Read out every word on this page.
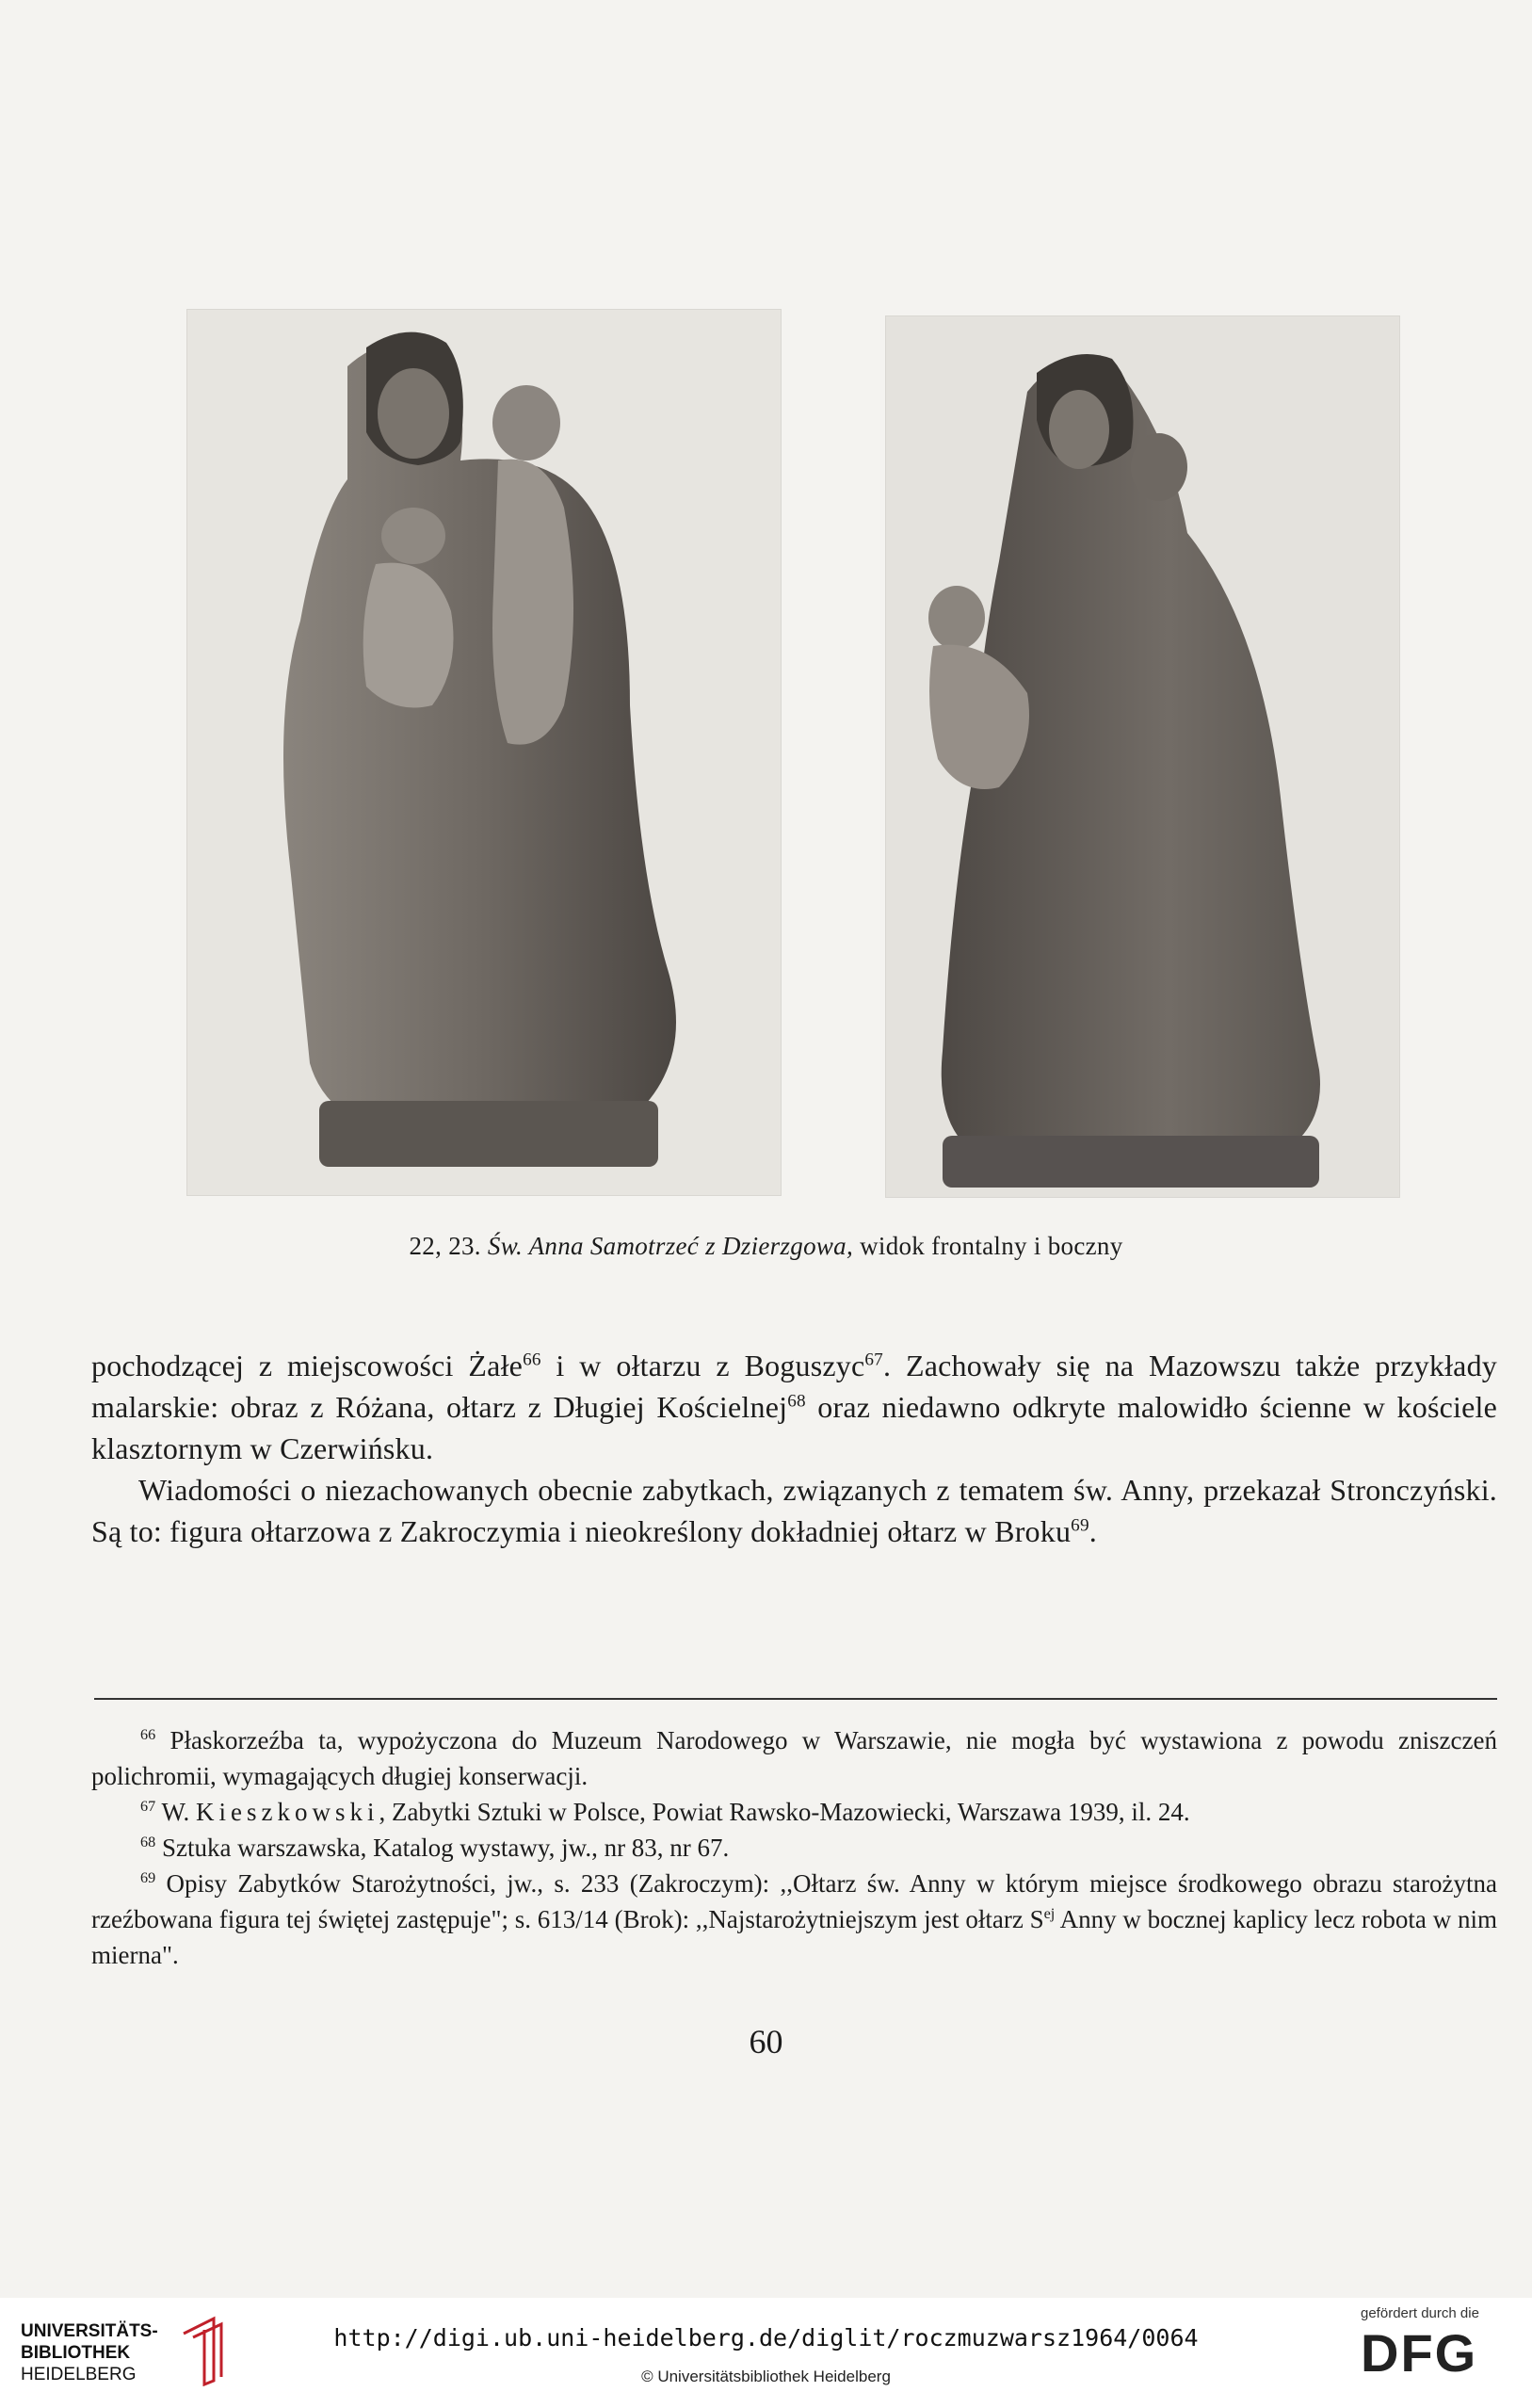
22, 23. Św. Anna Samotrzeć z Dzierzgowa, widok frontalny i boczny

pochodzącej z miejscowości Żałe$^{66}$ i w ołtarzu z Boguszyc$^{67}$. Zachowały się na Mazowszu także przykłady malarskie: obraz z Różana, ołtarz z Długiej Kościelnej$^{68}$ oraz niedawno odkryte malowidło ścienne w kościele klasztornym w Czerwińsku.

Wiadomości o niezachowanych obecnie zabytkach, związanych z tematem św. Anny, przekazał Stronczyński. Są to: figura ołtarzowa z Zakroczymia i nieokreślony dokładniej ołtarz w Broku$^{69}$.

$^{66}$ Płaskorzeźba ta, wypożyczona do Muzeum Narodowego w Warszawie, nie mogła być wystawiona z powodu zniszczeń polichromii, wymagających długiej konserwacji.

$^{67}$ W. Kieszkowski, Zabytki Sztuki w Polsce, Powiat Rawsko-Mazowiecki, Warszawa 1939, il. 24.

$^{68}$ Sztuka warszawska, Katalog wystawy, jw., nr 83, nr 67.

$^{69}$ Opisy Zabytków Starożytności, jw., s. 233 (Zakroczym): ,,Ołtarz św. Anny w którym miejsce środkowego obrazu starożytna rzeźbowana figura tej świętej zastępuje"; s. 613/14 (Brok): ,,Najstarożytniejszym jest ołtarz $S^{ej}$ Anny w bocznej kaplicy lecz robota w nim mierna".

60
UNIVERSITÄTS-
BIBLIOTHEK
HEIDELBERG
http://digi.ub.uni-heidelberg.de/diglit/roczmuzwarsz1964/0064
© Universitätsbibliothek Heidelberg
gefördert durch die
DFG
